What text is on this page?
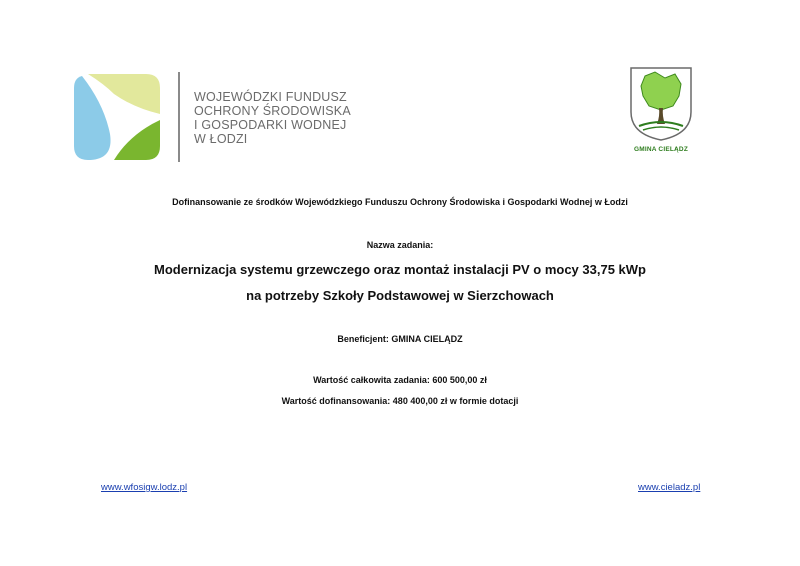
WOJEWÓDZKI FUNDUSZ
OCHRONY ŚRODOWISKA
I GOSPODARKI WODNEJ
W ŁODZI
GMINA CIELĄDZ
Dofinansowanie ze środków Wojewódzkiego Funduszu Ochrony Środowiska i Gospodarki Wodnej w Łodzi
Nazwa zadania:
Modernizacja systemu grzewczego oraz montaż instalacji PV o mocy 33,75 kWp
na potrzeby Szkoły Podstawowej w Sierzchowach
Beneficjent: GMINA CIELĄDZ
Wartość całkowita zadania: 600 500,00 zł
Wartość dofinansowania: 480 400,00 zł w formie dotacji
www.wfosigw.lodz.pl	www.cieladz.pl
